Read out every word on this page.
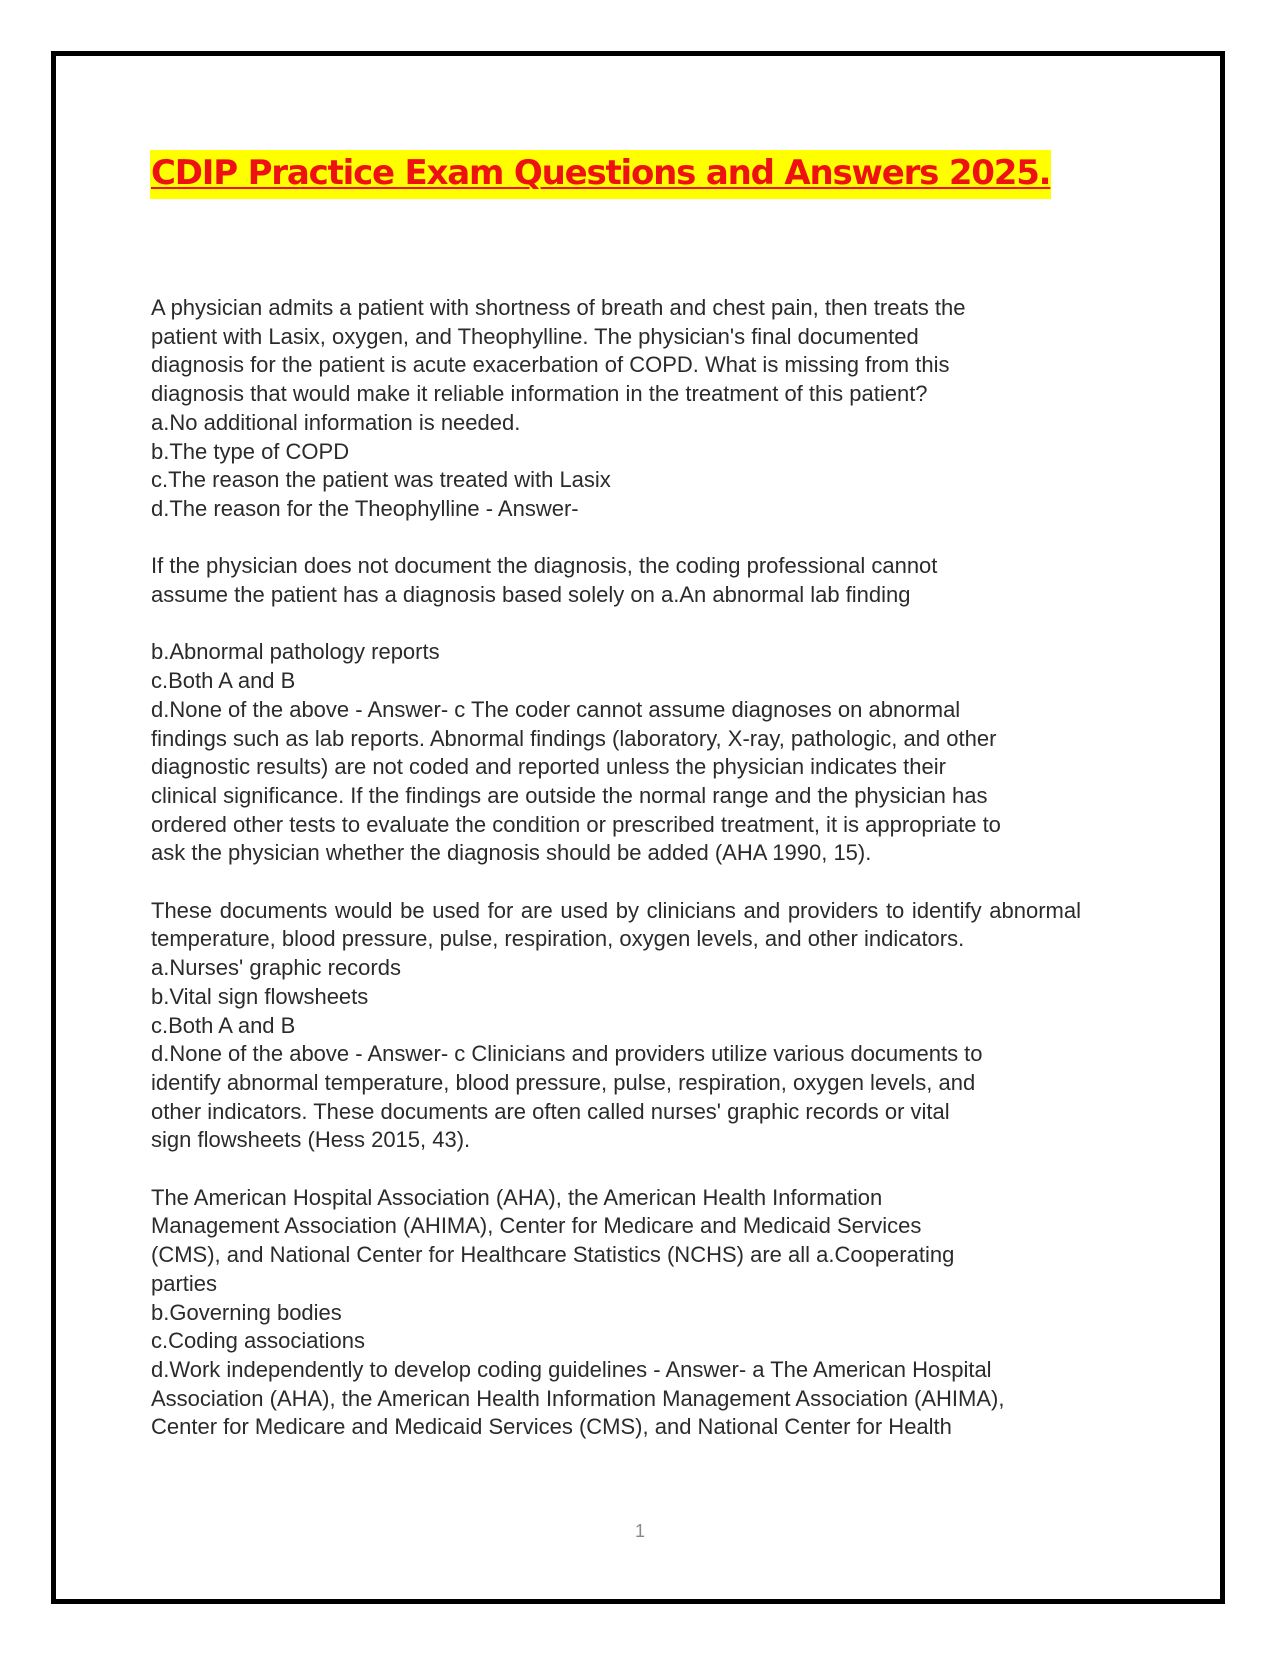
CDIP Practice Exam Questions and Answers 2025.

A physician admits a patient with shortness of breath and chest pain, then treats the

patient with Lasix, oxygen, and Theophylline. The physician's final documented

diagnosis for the patient is acute exacerbation of COPD. What is missing from this

diagnosis that would make it reliable information in the treatment of this patient?

a.No additional information is needed.

b.The type of COPD

c.The reason the patient was treated with Lasix

d.The reason for the Theophylline - Answer-

If the physician does not document the diagnosis, the coding professional cannot

assume the patient has a diagnosis based solely on a.An abnormal lab finding

b.Abnormal pathology reports

c.Both A and B

d.None of the above - Answer- c The coder cannot assume diagnoses on abnormal

findings such as lab reports. Abnormal findings (laboratory, X-ray, pathologic, and other

diagnostic results) are not coded and reported unless the physician indicates their

clinical significance. If the findings are outside the normal range and the physician has

ordered other tests to evaluate the condition or prescribed treatment, it is appropriate to

ask the physician whether the diagnosis should be added (AHA 1990, 15).

These documents would be used for are used by clinicians and providers to identify abnormal temperature, blood pressure, pulse, respiration, oxygen levels, and other indicators.

a.Nurses' graphic records

b.Vital sign flowsheets

c.Both A and B

d.None of the above - Answer- c Clinicians and providers utilize various documents to

identify abnormal temperature, blood pressure, pulse, respiration, oxygen levels, and

other indicators. These documents are often called nurses' graphic records or vital

sign flowsheets (Hess 2015, 43).

The American Hospital Association (AHA), the American Health Information

Management Association (AHIMA), Center for Medicare and Medicaid Services

(CMS), and National Center for Healthcare Statistics (NCHS) are all a.Cooperating

parties

b.Governing bodies

c.Coding associations

d.Work independently to develop coding guidelines - Answer- a The American Hospital

Association (AHA), the American Health Information Management Association (AHIMA),

Center for Medicare and Medicaid Services (CMS), and National Center for Health

1
